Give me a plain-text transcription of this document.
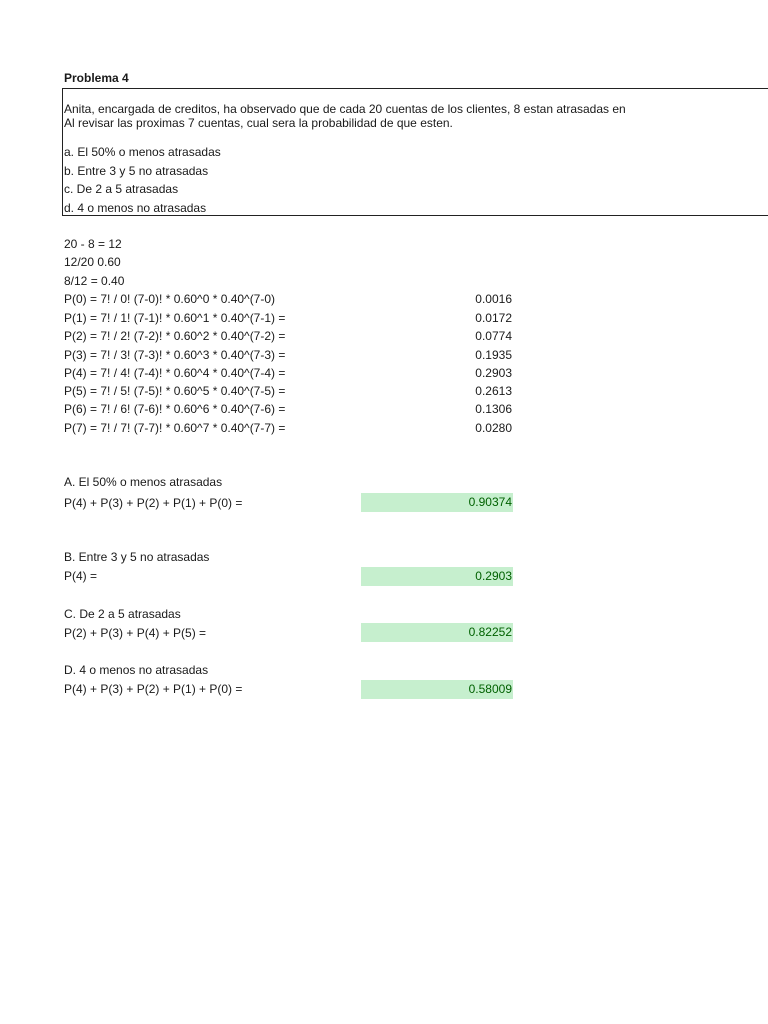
Problema 4
Anita, encargada de creditos, ha observado que de cada 20 cuentas de los clientes, 8 estan atrasadas en
Al revisar las proximas 7 cuentas, cual sera la probabilidad de que esten.
a. El 50% o menos atrasadas
b. Entre 3 y 5 no atrasadas
c. De 2 a 5 atrasadas
d. 4 o menos no atrasadas
20 - 8 = 12
12/20 0.60
8/12 = 0.40
P(0) = 7! / 0! (7-0)! * 0.60^0 * 0.40^(7-0)	0.0016
P(1) = 7! / 1! (7-1)! * 0.60^1 * 0.40^(7-1) =	0.0172
P(2) = 7! / 2! (7-2)! * 0.60^2 * 0.40^(7-2) =	0.0774
P(3) = 7! / 3! (7-3)! * 0.60^3 * 0.40^(7-3) =	0.1935
P(4) = 7! / 4! (7-4)! * 0.60^4 * 0.40^(7-4) =	0.2903
P(5) = 7! / 5! (7-5)! * 0.60^5 * 0.40^(7-5) =	0.2613
P(6) = 7! / 6! (7-6)! * 0.60^6 * 0.40^(7-6) =	0.1306
P(7) = 7! / 7! (7-7)! * 0.60^7 * 0.40^(7-7) =	0.0280
A. El 50% o menos atrasadas
P(4) + P(3) + P(2) + P(1) + P(0) =	0.90374
B. Entre 3 y 5 no atrasadas
P(4) =	0.2903
C. De 2 a 5 atrasadas
P(2) + P(3) + P(4) + P(5) =	0.82252
D. 4 o menos no atrasadas
P(4) + P(3) + P(2) + P(1) + P(0) =	0.58009
